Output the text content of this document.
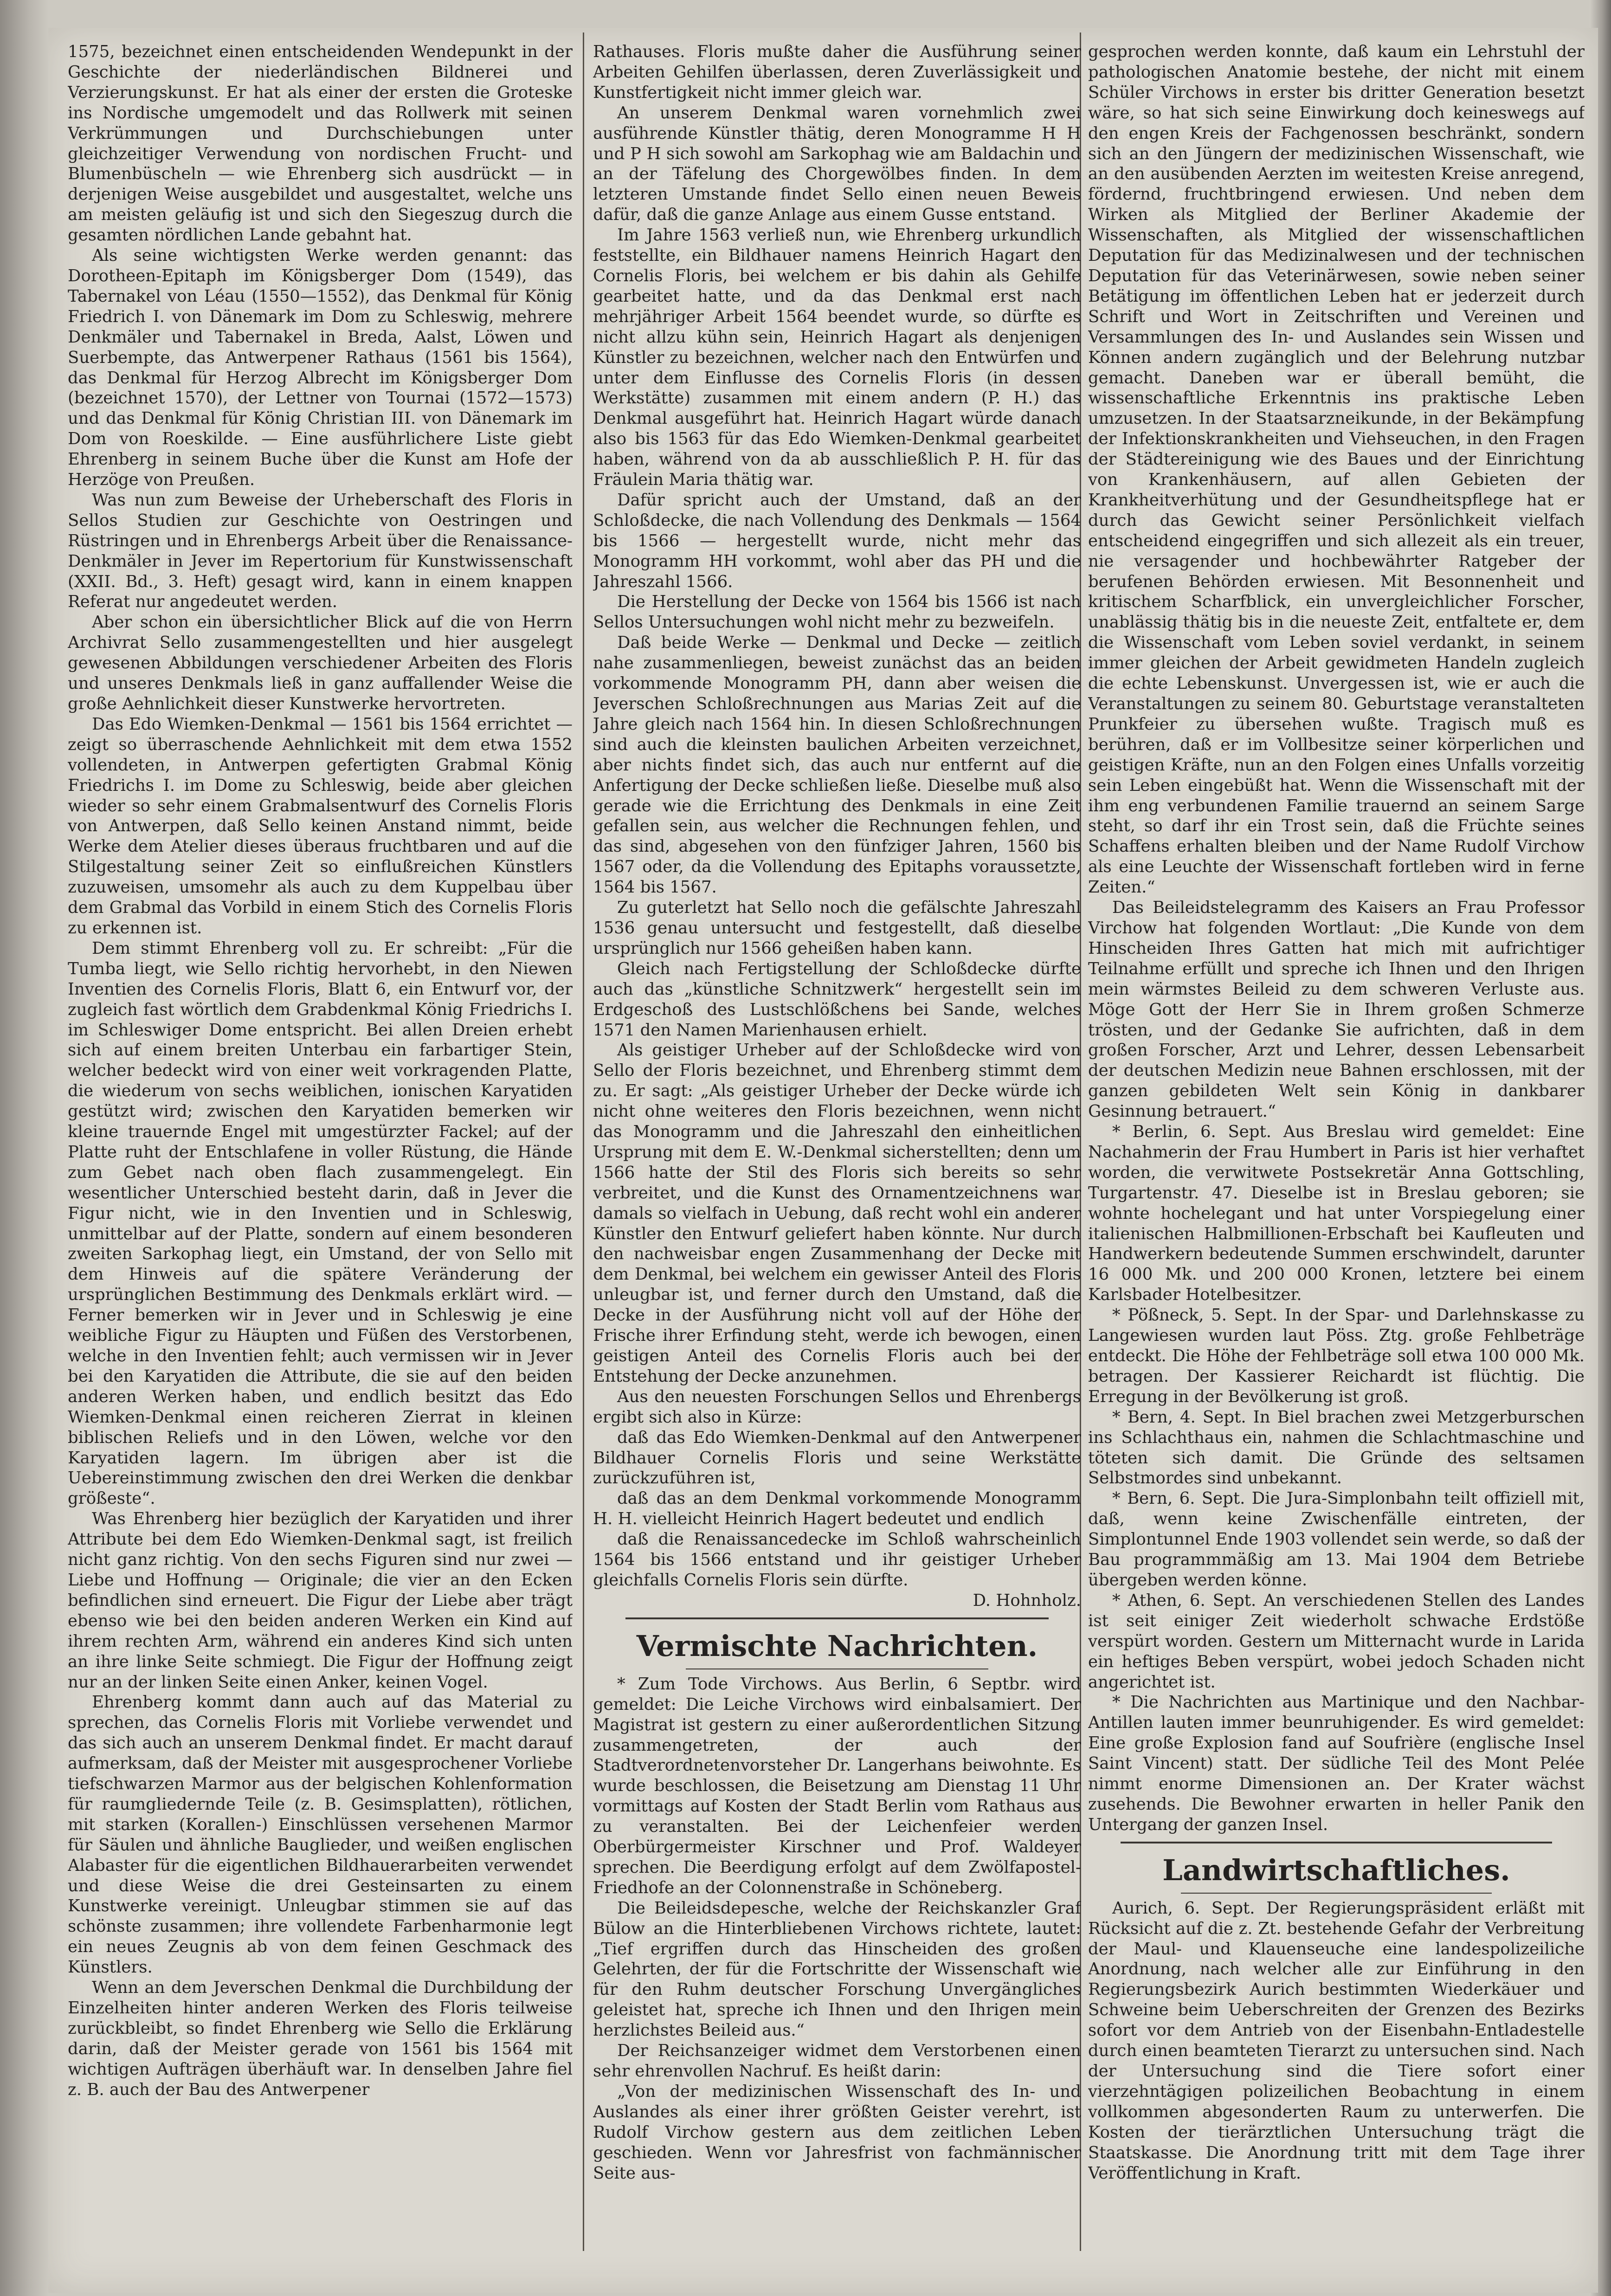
1575, bezeichnet einen entscheidenden Wendepunkt in der Geschichte der niederländischen Bildnerei und Verzierungskunst. Er hat als einer der ersten die Groteske ins Nordische umgemodelt und das Rollwerk mit seinen Verkrümmungen und Durchschiebungen unter gleichzeitiger Verwendung von nordischen Frucht- und Blumenbüscheln — wie Ehrenberg sich ausdrückt — in derjenigen Weise ausgebildet und ausgestaltet, welche uns am meisten geläufig ist und sich den Siegeszug durch die gesamten nördlichen Lande gebahnt hat.

Als seine wichtigsten Werke werden genannt: das Dorotheen-Epitaph im Königsberger Dom (1549), das Tabernakel von Léau (1550—1552), das Denkmal für König Friedrich I. von Dänemark im Dom zu Schleswig, mehrere Denkmäler und Tabernakel in Breda, Aalst, Löwen und Suerbempte, das Antwerpener Rathaus (1561 bis 1564), das Denkmal für Herzog Albrecht im Königsberger Dom (bezeichnet 1570), der Lettner von Tournai (1572—1573) und das Denkmal für König Christian III. von Dänemark im Dom von Roeskilde. — Eine ausführlichere Liste giebt Ehrenberg in seinem Buche über die Kunst am Hofe der Herzöge von Preußen.

Was nun zum Beweise der Urheberschaft des Floris in Sellos Studien zur Geschichte von Oestringen und Rüstringen und in Ehrenbergs Arbeit über die Renaissance-Denkmäler in Jever im Repertorium für Kunstwissenschaft (XXII. Bd., 3. Heft) gesagt wird, kann in einem knappen Referat nur angedeutet werden.

Aber schon ein übersichtlicher Blick auf die von Herrn Archivrat Sello zusammengestellten und hier ausgelegt gewesenen Abbildungen verschiedener Arbeiten des Floris und unseres Denkmals ließ in ganz auffallender Weise die große Aehnlichkeit dieser Kunstwerke hervortreten.

Das Edo Wiemken-Denkmal — 1561 bis 1564 errichtet — zeigt so überraschende Aehnlichkeit mit dem etwa 1552 vollendeten, in Antwerpen gefertigten Grabmal König Friedrichs I. im Dome zu Schleswig, beide aber gleichen wieder so sehr einem Grabmalsentwurf des Cornelis Floris von Antwerpen, daß Sello keinen Anstand nimmt, beide Werke dem Atelier dieses überaus fruchtbaren und auf die Stilgestaltung seiner Zeit so einflußreichen Künstlers zuzuweisen, umsomehr als auch zu dem Kuppelbau über dem Grabmal das Vorbild in einem Stich des Cornelis Floris zu erkennen ist.

Dem stimmt Ehrenberg voll zu. Er schreibt: „Für die Tumba liegt, wie Sello richtig hervorhebt, in den Niewen Inventien des Cornelis Floris, Blatt 6, ein Entwurf vor, der zugleich fast wörtlich dem Grabdenkmal König Friedrichs I. im Schleswiger Dome entspricht. Bei allen Dreien erhebt sich auf einem breiten Unterbau ein farbartiger Stein, welcher bedeckt wird von einer weit vorkragenden Platte, die wiederum von sechs weiblichen, ionischen Karyatiden gestützt wird; zwischen den Karyatiden bemerken wir kleine trauernde Engel mit umgestürzter Fackel; auf der Platte ruht der Entschlafene in voller Rüstung, die Hände zum Gebet nach oben flach zusammengelegt. Ein wesentlicher Unterschied besteht darin, daß in Jever die Figur nicht, wie in den Inventien und in Schleswig, unmittelbar auf der Platte, sondern auf einem besonderen zweiten Sarkophag liegt, ein Umstand, der von Sello mit dem Hinweis auf die spätere Veränderung der ursprünglichen Bestimmung des Denkmals erklärt wird. — Ferner bemerken wir in Jever und in Schleswig je eine weibliche Figur zu Häupten und Füßen des Verstorbenen, welche in den Inventien fehlt; auch vermissen wir in Jever bei den Karyatiden die Attribute, die sie auf den beiden anderen Werken haben, und endlich besitzt das Edo Wiemken-Denkmal einen reicheren Zierrat in kleinen biblischen Reliefs und in den Löwen, welche vor den Karyatiden lagern. Im übrigen aber ist die Uebereinstimmung zwischen den drei Werken die denkbar größeste“.

Was Ehrenberg hier bezüglich der Karyatiden und ihrer Attribute bei dem Edo Wiemken-Denkmal sagt, ist freilich nicht ganz richtig. Von den sechs Figuren sind nur zwei — Liebe und Hoffnung — Originale; die vier an den Ecken befindlichen sind erneuert. Die Figur der Liebe aber trägt ebenso wie bei den beiden anderen Werken ein Kind auf ihrem rechten Arm, während ein anderes Kind sich unten an ihre linke Seite schmiegt. Die Figur der Hoffnung zeigt nur an der linken Seite einen Anker, keinen Vogel.

Ehrenberg kommt dann auch auf das Material zu sprechen, das Cornelis Floris mit Vorliebe verwendet und das sich auch an unserem Denkmal findet. Er macht darauf aufmerksam, daß der Meister mit ausgesprochener Vorliebe tiefschwarzen Marmor aus der belgischen Kohlenformation für raumgliedernde Teile (z. B. Gesimsplatten), rötlichen, mit starken (Korallen-) Einschlüssen versehenen Marmor für Säulen und ähnliche Bauglieder, und weißen englischen Alabaster für die eigentlichen Bildhauerarbeiten verwendet und diese Weise die drei Gesteinsarten zu einem Kunstwerke vereinigt. Unleugbar stimmen sie auf das schönste zusammen; ihre vollendete Farbenharmonie legt ein neues Zeugnis ab von dem feinen Geschmack des Künstlers.

Wenn an dem Jeverschen Denkmal die Durchbildung der Einzelheiten hinter anderen Werken des Floris teilweise zurückbleibt, so findet Ehrenberg wie Sello die Erklärung darin, daß der Meister gerade von 1561 bis 1564 mit wichtigen Aufträgen überhäuft war. In denselben Jahre fiel z. B. auch der Bau des Antwerpener

Rathauses. Floris mußte daher die Ausführung seiner Arbeiten Gehilfen überlassen, deren Zuverlässigkeit und Kunstfertigkeit nicht immer gleich war.

An unserem Denkmal waren vornehmlich zwei ausführende Künstler thätig, deren Monogramme H H und P H sich sowohl am Sarkophag wie am Baldachin und an der Täfelung des Chorgewölbes finden. In dem letzteren Umstande findet Sello einen neuen Beweis dafür, daß die ganze Anlage aus einem Gusse entstand.

Im Jahre 1563 verließ nun, wie Ehrenberg urkundlich feststellte, ein Bildhauer namens Heinrich Hagart den Cornelis Floris, bei welchem er bis dahin als Gehilfe gearbeitet hatte, und da das Denkmal erst nach mehrjähriger Arbeit 1564 beendet wurde, so dürfte es nicht allzu kühn sein, Heinrich Hagart als denjenigen Künstler zu bezeichnen, welcher nach den Entwürfen und unter dem Einflusse des Cornelis Floris (in dessen Werkstätte) zusammen mit einem andern (P. H.) das Denkmal ausgeführt hat. Heinrich Hagart würde danach also bis 1563 für das Edo Wiemken-Denkmal gearbeitet haben, während von da ab ausschließlich P. H. für das Fräulein Maria thätig war.

Dafür spricht auch der Umstand, daß an der Schloßdecke, die nach Vollendung des Denkmals — 1564 bis 1566 — hergestellt wurde, nicht mehr das Monogramm HH vorkommt, wohl aber das PH und die Jahreszahl 1566.

Die Herstellung der Decke von 1564 bis 1566 ist nach Sellos Untersuchungen wohl nicht mehr zu bezweifeln.

Daß beide Werke — Denkmal und Decke — zeitlich nahe zusammenliegen, beweist zunächst das an beiden vorkommende Monogramm PH, dann aber weisen die Jeverschen Schloßrechnungen aus Marias Zeit auf die Jahre gleich nach 1564 hin. In diesen Schloßrechnungen sind auch die kleinsten baulichen Arbeiten verzeichnet, aber nichts findet sich, das auch nur entfernt auf die Anfertigung der Decke schließen ließe. Dieselbe muß also gerade wie die Errichtung des Denkmals in eine Zeit gefallen sein, aus welcher die Rechnungen fehlen, und das sind, abgesehen von den fünfziger Jahren, 1560 bis 1567 oder, da die Vollendung des Epitaphs voraussetzte, 1564 bis 1567.

Zu guterletzt hat Sello noch die gefälschte Jahreszahl 1536 genau untersucht und festgestellt, daß dieselbe ursprünglich nur 1566 geheißen haben kann.

Gleich nach Fertigstellung der Schloßdecke dürfte auch das „künstliche Schnitzwerk“ hergestellt sein im Erdgeschoß des Lustschlößchens bei Sande, welches 1571 den Namen Marienhausen erhielt.

Als geistiger Urheber auf der Schloßdecke wird von Sello der Floris bezeichnet, und Ehrenberg stimmt dem zu. Er sagt: „Als geistiger Urheber der Decke würde ich nicht ohne weiteres den Floris bezeichnen, wenn nicht das Monogramm und die Jahreszahl den einheitlichen Ursprung mit dem E. W.-Denkmal sicherstellten; denn um 1566 hatte der Stil des Floris sich bereits so sehr verbreitet, und die Kunst des Ornamentzeichnens war damals so vielfach in Uebung, daß recht wohl ein anderer Künstler den Entwurf geliefert haben könnte. Nur durch den nachweisbar engen Zusammenhang der Decke mit dem Denkmal, bei welchem ein gewisser Anteil des Floris unleugbar ist, und ferner durch den Umstand, daß die Decke in der Ausführung nicht voll auf der Höhe der Frische ihrer Erfindung steht, werde ich bewogen, einen geistigen Anteil des Cornelis Floris auch bei der Entstehung der Decke anzunehmen.

Aus den neuesten Forschungen Sellos und Ehrenbergs ergibt sich also in Kürze:

daß das Edo Wiemken-Denkmal auf den Antwerpener Bildhauer Cornelis Floris und seine Werkstätte zurückzuführen ist,

daß das an dem Denkmal vorkommende Monogramm H. H. vielleicht Heinrich Hagert bedeutet und endlich

daß die Renaissancedecke im Schloß wahrscheinlich 1564 bis 1566 entstand und ihr geistiger Urheber gleichfalls Cornelis Floris sein dürfte.

D. Hohnholz.

Vermischte Nachrichten.

* Zum Tode Virchows. Aus Berlin, 6 Septbr. wird gemeldet: Die Leiche Virchows wird einbalsamiert. Der Magistrat ist gestern zu einer außerordentlichen Sitzung zusammengetreten, der auch der Stadtverordnetenvorsteher Dr. Langerhans beiwohnte. Es wurde beschlossen, die Beisetzung am Dienstag 11 Uhr vormittags auf Kosten der Stadt Berlin vom Rathaus aus zu veranstalten. Bei der Leichenfeier werden Oberbürgermeister Kirschner und Prof. Waldeyer sprechen. Die Beerdigung erfolgt auf dem Zwölfapostel-Friedhofe an der Colonnenstraße in Schöneberg.

Die Beileidsdepesche, welche der Reichskanzler Graf Bülow an die Hinterbliebenen Virchows richtete, lautet: „Tief ergriffen durch das Hinscheiden des großen Gelehrten, der für die Fortschritte der Wissenschaft wie für den Ruhm deutscher Forschung Unvergängliches geleistet hat, spreche ich Ihnen und den Ihrigen mein herzlichstes Beileid aus.“

Der Reichsanzeiger widmet dem Verstorbenen einen sehr ehrenvollen Nachruf. Es heißt darin:

„Von der medizinischen Wissenschaft des In- und Auslandes als einer ihrer größten Geister verehrt, ist Rudolf Virchow gestern aus dem zeitlichen Leben geschieden. Wenn vor Jahresfrist von fachmännischer Seite aus-

gesprochen werden konnte, daß kaum ein Lehrstuhl der pathologischen Anatomie bestehe, der nicht mit einem Schüler Virchows in erster bis dritter Generation besetzt wäre, so hat sich seine Einwirkung doch keineswegs auf den engen Kreis der Fachgenossen beschränkt, sondern sich an den Jüngern der medizinischen Wissenschaft, wie an den ausübenden Aerzten im weitesten Kreise anregend, fördernd, fruchtbringend erwiesen. Und neben dem Wirken als Mitglied der Berliner Akademie der Wissenschaften, als Mitglied der wissenschaftlichen Deputation für das Medizinalwesen und der technischen Deputation für das Veterinärwesen, sowie neben seiner Betätigung im öffentlichen Leben hat er jederzeit durch Schrift und Wort in Zeitschriften und Vereinen und Versammlungen des In- und Auslandes sein Wissen und Können andern zugänglich und der Belehrung nutzbar gemacht. Daneben war er überall bemüht, die wissenschaftliche Erkenntnis ins praktische Leben umzusetzen. In der Staatsarzneikunde, in der Bekämpfung der Infektionskrankheiten und Viehseuchen, in den Fragen der Städtereinigung wie des Baues und der Einrichtung von Krankenhäusern, auf allen Gebieten der Krankheitverhütung und der Gesundheitspflege hat er durch das Gewicht seiner Persönlichkeit vielfach entscheidend eingegriffen und sich allezeit als ein treuer, nie versagender und hochbewährter Ratgeber der berufenen Behörden erwiesen. Mit Besonnenheit und kritischem Scharfblick, ein unvergleichlicher Forscher, unablässig thätig bis in die neueste Zeit, entfaltete er, dem die Wissenschaft vom Leben soviel verdankt, in seinem immer gleichen der Arbeit gewidmeten Handeln zugleich die echte Lebenskunst. Unvergessen ist, wie er auch die Veranstaltungen zu seinem 80. Geburtstage veranstalteten Prunkfeier zu übersehen wußte. Tragisch muß es berühren, daß er im Vollbesitze seiner körperlichen und geistigen Kräfte, nun an den Folgen eines Unfalls vorzeitig sein Leben eingebüßt hat. Wenn die Wissenschaft mit der ihm eng verbundenen Familie trauernd an seinem Sarge steht, so darf ihr ein Trost sein, daß die Früchte seines Schaffens erhalten bleiben und der Name Rudolf Virchow als eine Leuchte der Wissenschaft fortleben wird in ferne Zeiten.“

Das Beileidstelegramm des Kaisers an Frau Professor Virchow hat folgenden Wortlaut: „Die Kunde von dem Hinscheiden Ihres Gatten hat mich mit aufrichtiger Teilnahme erfüllt und spreche ich Ihnen und den Ihrigen mein wärmstes Beileid zu dem schweren Verluste aus. Möge Gott der Herr Sie in Ihrem großen Schmerze trösten, und der Gedanke Sie aufrichten, daß in dem großen Forscher, Arzt und Lehrer, dessen Lebensarbeit der deutschen Medizin neue Bahnen erschlossen, mit der ganzen gebildeten Welt sein König in dankbarer Gesinnung betrauert.“

* Berlin, 6. Sept. Aus Breslau wird gemeldet: Eine Nachahmerin der Frau Humbert in Paris ist hier verhaftet worden, die verwitwete Postsekretär Anna Gottschling, Turgartenstr. 47. Dieselbe ist in Breslau geboren; sie wohnte hochelegant und hat unter Vorspiegelung einer italienischen Halbmillionen-Erbschaft bei Kaufleuten und Handwerkern bedeutende Summen erschwindelt, darunter 16 000 Mk. und 200 000 Kronen, letztere bei einem Karlsbader Hotelbesitzer.

* Pößneck, 5. Sept. In der Spar- und Darlehnskasse zu Langewiesen wurden laut Pöss. Ztg. große Fehlbeträge entdeckt. Die Höhe der Fehlbeträge soll etwa 100 000 Mk. betragen. Der Kassierer Reichardt ist flüchtig. Die Erregung in der Bevölkerung ist groß.

* Bern, 4. Sept. In Biel brachen zwei Metzgerburschen ins Schlachthaus ein, nahmen die Schlachtmaschine und töteten sich damit. Die Gründe des seltsamen Selbstmordes sind unbekannt.

* Bern, 6. Sept. Die Jura-Simplonbahn teilt offiziell mit, daß, wenn keine Zwischenfälle eintreten, der Simplontunnel Ende 1903 vollendet sein werde, so daß der Bau programmmäßig am 13. Mai 1904 dem Betriebe übergeben werden könne.

* Athen, 6. Sept. An verschiedenen Stellen des Landes ist seit einiger Zeit wiederholt schwache Erdstöße verspürt worden. Gestern um Mitternacht wurde in Larida ein heftiges Beben verspürt, wobei jedoch Schaden nicht angerichtet ist.

* Die Nachrichten aus Martinique und den Nachbar-Antillen lauten immer beunruhigender. Es wird gemeldet: Eine große Explosion fand auf Soufrière (englische Insel Saint Vincent) statt. Der südliche Teil des Mont Pelée nimmt enorme Dimensionen an. Der Krater wächst zusehends. Die Bewohner erwarten in heller Panik den Untergang der ganzen Insel.

Landwirtschaftliches.

Aurich, 6. Sept. Der Regierungspräsident erläßt mit Rücksicht auf die z. Zt. bestehende Gefahr der Verbreitung der Maul- und Klauenseuche eine landespolizeiliche Anordnung, nach welcher alle zur Einführung in den Regierungsbezirk Aurich bestimmten Wiederkäuer und Schweine beim Ueberschreiten der Grenzen des Bezirks sofort vor dem Antrieb von der Eisenbahn-Entladestelle durch einen beamteten Tierarzt zu untersuchen sind. Nach der Untersuchung sind die Tiere sofort einer vierzehntägigen polizeilichen Beobachtung in einem vollkommen abgesonderten Raum zu unterwerfen. Die Kosten der tierärztlichen Untersuchung trägt die Staatskasse. Die Anordnung tritt mit dem Tage ihrer Veröffentlichung in Kraft.
